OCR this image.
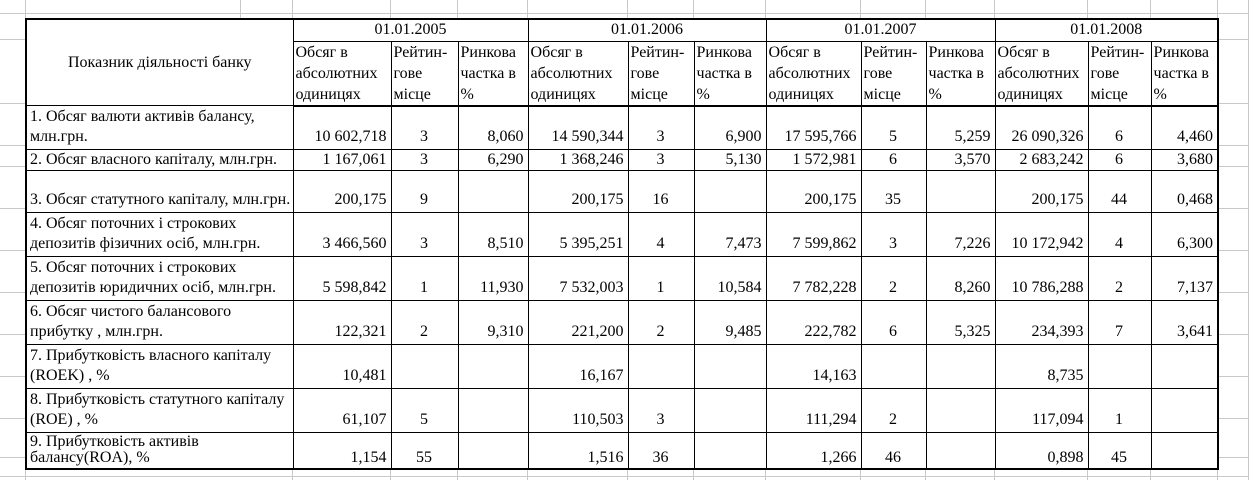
Показник діяльності банку	01.01.2005			01.01.2006			01.01.2007			01.01.2008		
	Обсяг в абсолютних одиницях	Рейтин-гове місце	Ринкова частка в %	Обсяг в абсолютних одиницях	Рейтин-гове місце	Ринкова частка в %	Обсяг в абсолютних одиницях	Рейтин-гове місце	Ринкова частка в %	Обсяг в абсолютних одиницях	Рейтин-гове місце	Ринкова частка в %
1. Обсяг валюти активів балансу, млн.грн.	10 602,718	3	8,060	14 590,344	3	6,900	17 595,766	5	5,259	26 090,326	6	4,460
2. Обсяг власного капіталу, млн.грн.	1 167,061	3	6,290	1 368,246	3	5,130	1 572,981	6	3,570	2 683,242	6	3,680
3. Обсяг статутного капіталу, млн.грн.	200,175	9		200,175	16		200,175	35		200,175	44	0,468
4. Обсяг поточних і строкових депозитів фізичних осіб, млн.грн.	3 466,560	3	8,510	5 395,251	4	7,473	7 599,862	3	7,226	10 172,942	4	6,300
5. Обсяг поточних і строкових депозитів юридичних осіб, млн.грн.	5 598,842	1	11,930	7 532,003	1	10,584	7 782,228	2	8,260	10 786,288	2	7,137
6. Обсяг чистого балансового прибутку , млн.грн.	122,321	2	9,310	221,200	2	9,485	222,782	6	5,325	234,393	7	3,641
7. Прибутковість власного капіталу (ROEK) , %	10,481			16,167			14,163			8,735		
8. Прибутковість статутного капіталу (ROE) , %	61,107	5		110,503	3		111,294	2		117,094	1	
9. Прибутковість активів балансу(ROA), %	1,154	55		1,516	36		1,266	46		0,898	45	
